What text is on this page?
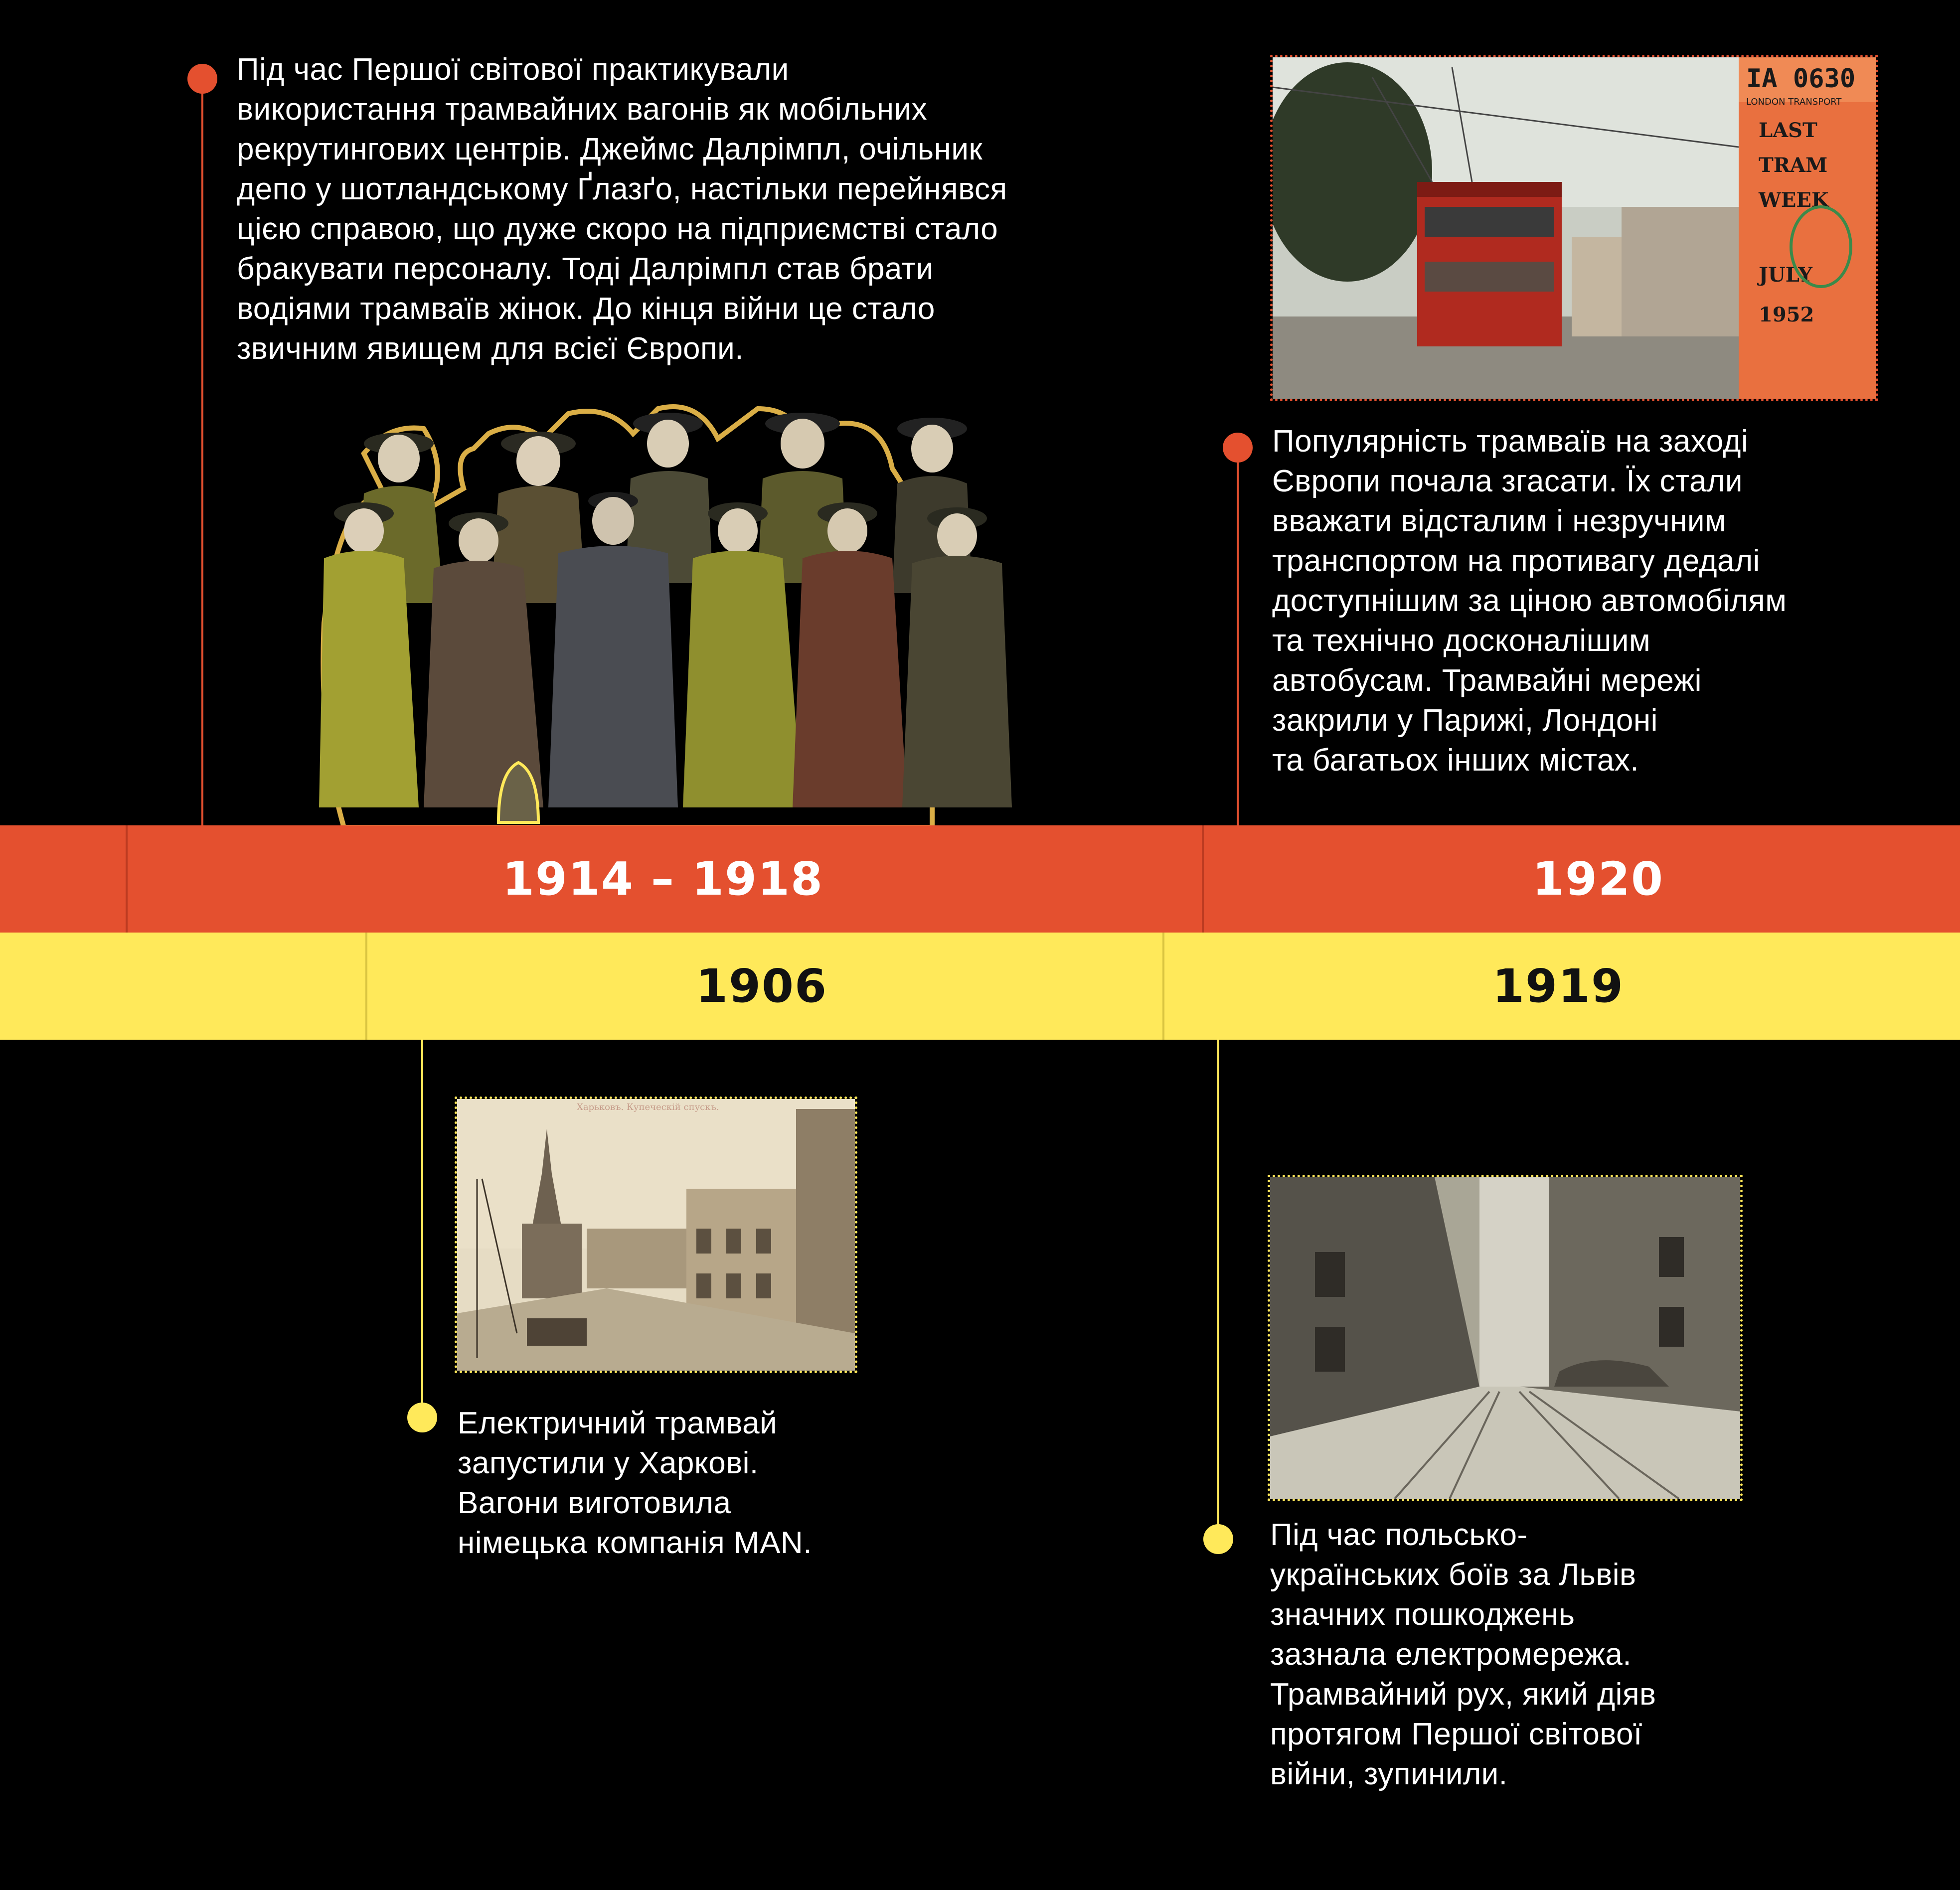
Під час Першої світової практикували
використання трамвайних вагонів як мобільних
рекрутингових центрів. Джеймс Далрімпл, очільник
депо у шотландському Ґлазґо, настільки перейнявся
цією справою, що дуже скоро на підприємстві стало
бракувати персоналу. Тоді Далрімпл став брати
водіями трамваїв жінок. До кінця війни це стало
звичним явищем для всієї Європи.
IA 0630
LONDON TRANSPORT
LAST
TRAM
WEEK
JULY
1952
Популярність трамваїв на заході
Європи почала згасати. Їх стали
вважати відсталим і незручним
транспортом на противагу дедалі
доступнішим за ціною автомобілям
та технічно досконалішим
автобусам. Трамвайні мережі
закрили у Парижі, Лондоні
та багатьох інших містах.
1914 – 1918	1920
1906	1919
Електричний трамвай
запустили у Харкові.
Вагони виготовила
німецька компанія MAN.	Під час польсько-
українських боїв за Львів
значних пошкоджень
зазнала електромережа.
Трамвайний рух, який діяв
протягом Першої світової
війни, зупинили.
